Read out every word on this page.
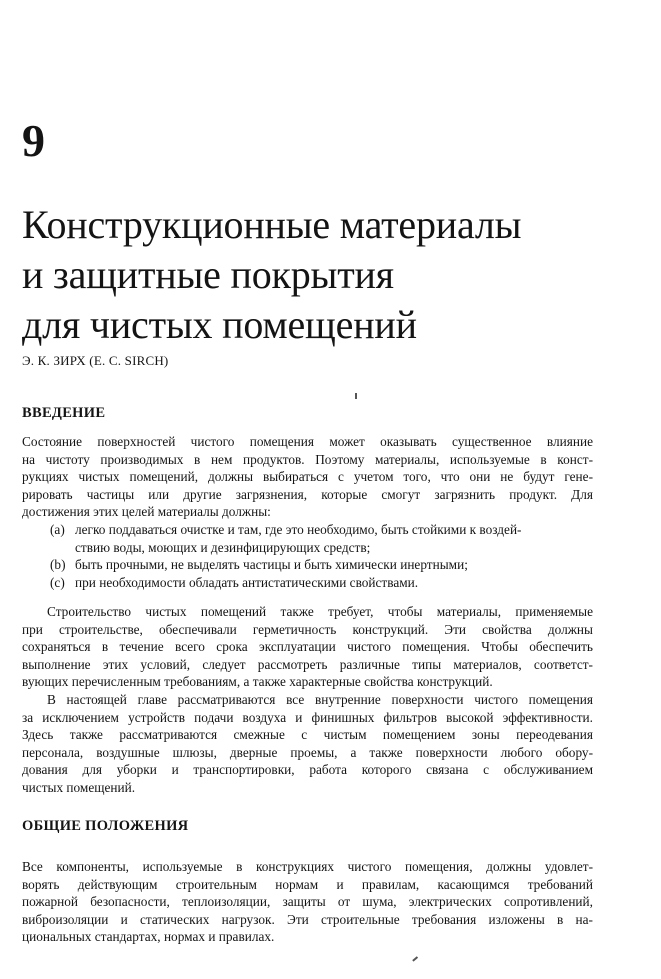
9
Конструкционные материалы
и защитные покрытия
для чистых помещений

Э. К. ЗИРХ (E. C. SIRCH)

ВВЕДЕНИЕ
Состояние поверхностей чистого помещения может оказывать существенное влияние
на чистоту производимых в нем продуктов. Поэтому материалы, используемые в конст-
рукциях чистых помещений, должны выбираться с учетом того, что они не будут гене-
рировать частицы или другие загрязнения, которые смогут загрязнить продукт. Для
достижения этих целей материалы должны:
(a) легко поддаваться очистке и там, где это необходимо, быть стойкими к воздей-
ствию воды, моющих и дезинфицирующих средств;
(b) быть прочными, не выделять частицы и быть химически инертными;
(c) при необходимости обладать антистатическими свойствами.
Строительство чистых помещений также требует, чтобы материалы, применяемые
при строительстве, обеспечивали герметичность конструкций. Эти свойства должны
сохраняться в течение всего срока эксплуатации чистого помещения. Чтобы обеспечить
выполнение этих условий, следует рассмотреть различные типы материалов, соответст-
вующих перечисленным требованиям, а также характерные свойства конструкций.
В настоящей главе рассматриваются все внутренние поверхности чистого помещения
за исключением устройств подачи воздуха и финишных фильтров высокой эффективности.
Здесь также рассматриваются смежные с чистым помещением зоны переодевания
персонала, воздушные шлюзы, дверные проемы, а также поверхности любого обору-
дования для уборки и транспортировки, работа которого связана с обслуживанием
чистых помещений.
ОБЩИЕ ПОЛОЖЕНИЯ
Все компоненты, используемые в конструкциях чистого помещения, должны удовлет-
ворять действующим строительным нормам и правилам, касающимся требований
пожарной безопасности, теплоизоляции, защиты от шума, электрических сопротивлений,
виброизоляции и статических нагрузок. Эти строительные требования изложены в на-
циональных стандартах, нормах и правилах.
